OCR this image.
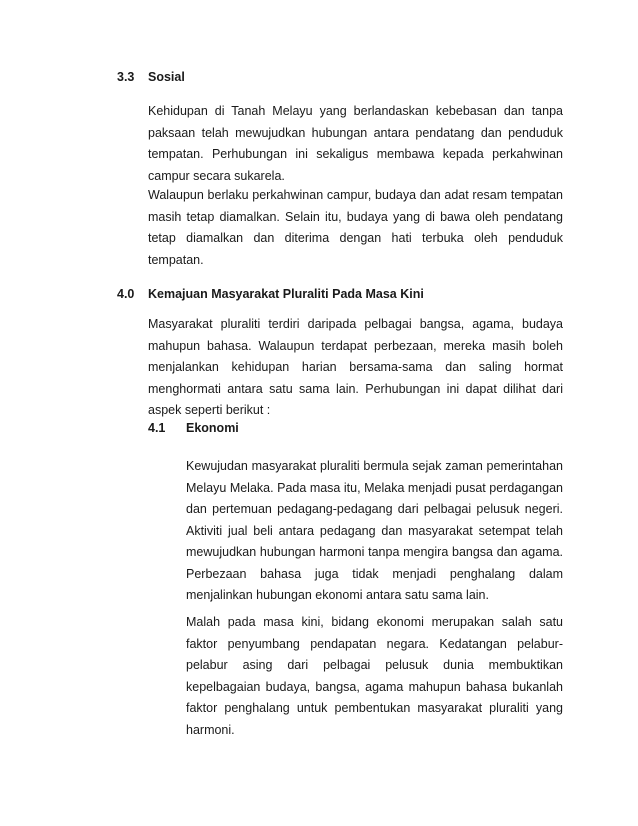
3.3 Sosial

Kehidupan di Tanah Melayu yang berlandaskan kebebasan dan tanpa paksaan telah mewujudkan hubungan antara pendatang dan penduduk tempatan. Perhubungan ini sekaligus membawa kepada perkahwinan campur secara sukarela.

Walaupun berlaku perkahwinan campur, budaya dan adat resam tempatan masih tetap diamalkan. Selain itu, budaya yang di bawa oleh pendatang tetap diamalkan dan diterima dengan hati terbuka oleh penduduk tempatan.

4.0 Kemajuan Masyarakat Pluraliti Pada Masa Kini

Masyarakat pluraliti terdiri daripada pelbagai bangsa, agama, budaya mahupun bahasa. Walaupun terdapat perbezaan, mereka masih boleh menjalankan kehidupan harian bersama-sama dan saling hormat menghormati antara satu sama lain. Perhubungan ini dapat dilihat dari aspek seperti berikut :

4.1 Ekonomi

Kewujudan masyarakat pluraliti bermula sejak zaman pemerintahan Melayu Melaka. Pada masa itu, Melaka menjadi pusat perdagangan dan pertemuan pedagang-pedagang dari pelbagai pelusuk negeri. Aktiviti jual beli antara pedagang dan masyarakat setempat telah mewujudkan hubungan harmoni tanpa mengira bangsa dan agama. Perbezaan bahasa juga tidak menjadi penghalang dalam menjalinkan hubungan ekonomi antara satu sama lain.

Malah pada masa kini, bidang ekonomi merupakan salah satu faktor penyumbang pendapatan negara. Kedatangan pelabur-pelabur asing dari pelbagai pelusuk dunia membuktikan kepelbagaian budaya, bangsa, agama mahupun bahasa bukanlah faktor penghalang untuk pembentukan masyarakat pluraliti yang harmoni.
